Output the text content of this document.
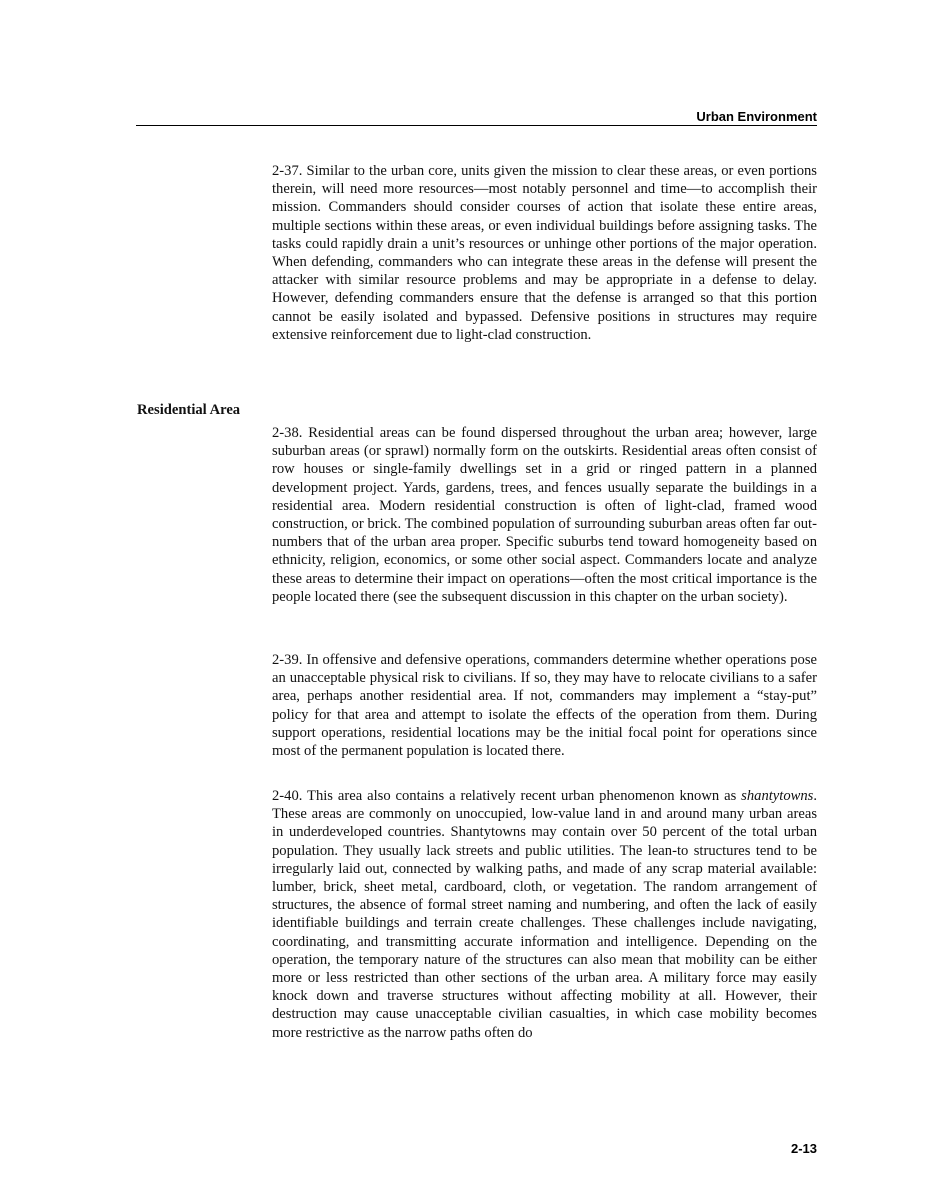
Urban Environment

2-37. Similar to the urban core, units given the mission to clear these areas, or even portions therein, will need more resources—most notably personnel and time—to accomplish their mission. Commanders should consider courses of action that isolate these entire areas, multiple sections within these areas, or even individual buildings before assigning tasks. The tasks could rapidly drain a unit’s resources or unhinge other portions of the major operation. When defending, commanders who can integrate these areas in the defense will present the attacker with similar resource problems and may be appropriate in a defense to delay. However, defending commanders ensure that the defense is arranged so that this portion cannot be easily isolated and bypassed. Defensive positions in structures may require extensive reinforcement due to light-clad construction.

Residential Area

2-38. Residential areas can be found dispersed throughout the urban area; however, large suburban areas (or sprawl) normally form on the outskirts. Residential areas often consist of row houses or single-family dwellings set in a grid or ringed pattern in a planned development project. Yards, gardens, trees, and fences usually separate the buildings in a residential area. Modern residential construction is often of light-clad, framed wood construction, or brick. The combined population of surrounding suburban areas often far outnumbers that of the urban area proper. Specific suburbs tend toward homogeneity based on ethnicity, religion, economics, or some other social aspect. Commanders locate and analyze these areas to determine their impact on operations—often the most critical importance is the people located there (see the subsequent discussion in this chapter on the urban society).

2-39. In offensive and defensive operations, commanders determine whether operations pose an unacceptable physical risk to civilians. If so, they may have to relocate civilians to a safer area, perhaps another residential area. If not, commanders may implement a “stay-put” policy for that area and attempt to isolate the effects of the operation from them. During support operations, residential locations may be the initial focal point for operations since most of the permanent population is located there.

2-40. This area also contains a relatively recent urban phenomenon known as shantytowns. These areas are commonly on unoccupied, low-value land in and around many urban areas in underdeveloped countries. Shantytowns may contain over 50 percent of the total urban population. They usually lack streets and public utilities. The lean-to structures tend to be irregularly laid out, connected by walking paths, and made of any scrap material available: lumber, brick, sheet metal, cardboard, cloth, or vegetation. The random arrangement of structures, the absence of formal street naming and numbering, and often the lack of easily identifiable buildings and terrain create challenges. These challenges include navigating, coordinating, and transmitting accurate information and intelligence. Depending on the operation, the temporary nature of the structures can also mean that mobility can be either more or less restricted than other sections of the urban area. A military force may easily knock down and traverse structures without affecting mobility at all. However, their destruction may cause unacceptable civilian casualties, in which case mobility becomes more restrictive as the narrow paths often do

2-13
